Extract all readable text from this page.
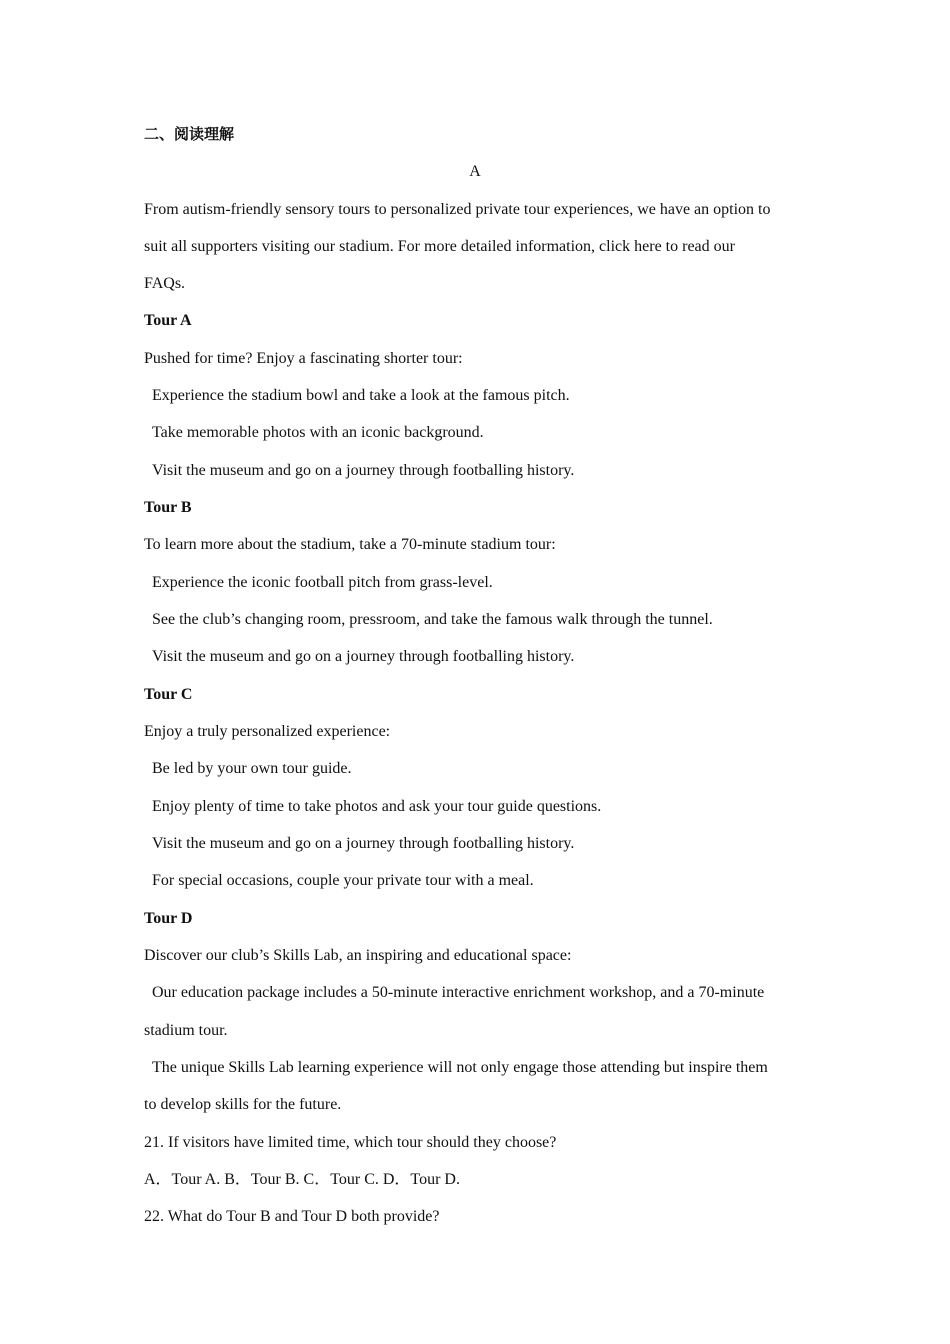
二、阅读理解
A
From autism-friendly sensory tours to personalized private tour experiences, we have an option to
suit all supporters visiting our stadium. For more detailed information, click here to read our
FAQs.
Tour A
Pushed for time? Enjoy a fascinating shorter tour:
Experience the stadium bowl and take a look at the famous pitch.
Take memorable photos with an iconic background.
Visit the museum and go on a journey through footballing history.
Tour B
To learn more about the stadium, take a 70-minute stadium tour:
Experience the iconic football pitch from grass-level.
See the club’s changing room, pressroom, and take the famous walk through the tunnel.
Visit the museum and go on a journey through footballing history.
Tour C
Enjoy a truly personalized experience:
Be led by your own tour guide.
Enjoy plenty of time to take photos and ask your tour guide questions.
Visit the museum and go on a journey through footballing history.
For special occasions, couple your private tour with a meal.
Tour D
Discover our club’s Skills Lab, an inspiring and educational space:
Our education package includes a 50-minute interactive enrichment workshop, and a 70-minute
stadium tour.
The unique Skills Lab learning experience will not only engage those attending but inspire them
to develop skills for the future.
21. If visitors have limited time, which tour should they choose?
A．Tour A. B．Tour B. C．Tour C. D．Tour D.
22. What do Tour B and Tour D both provide?
